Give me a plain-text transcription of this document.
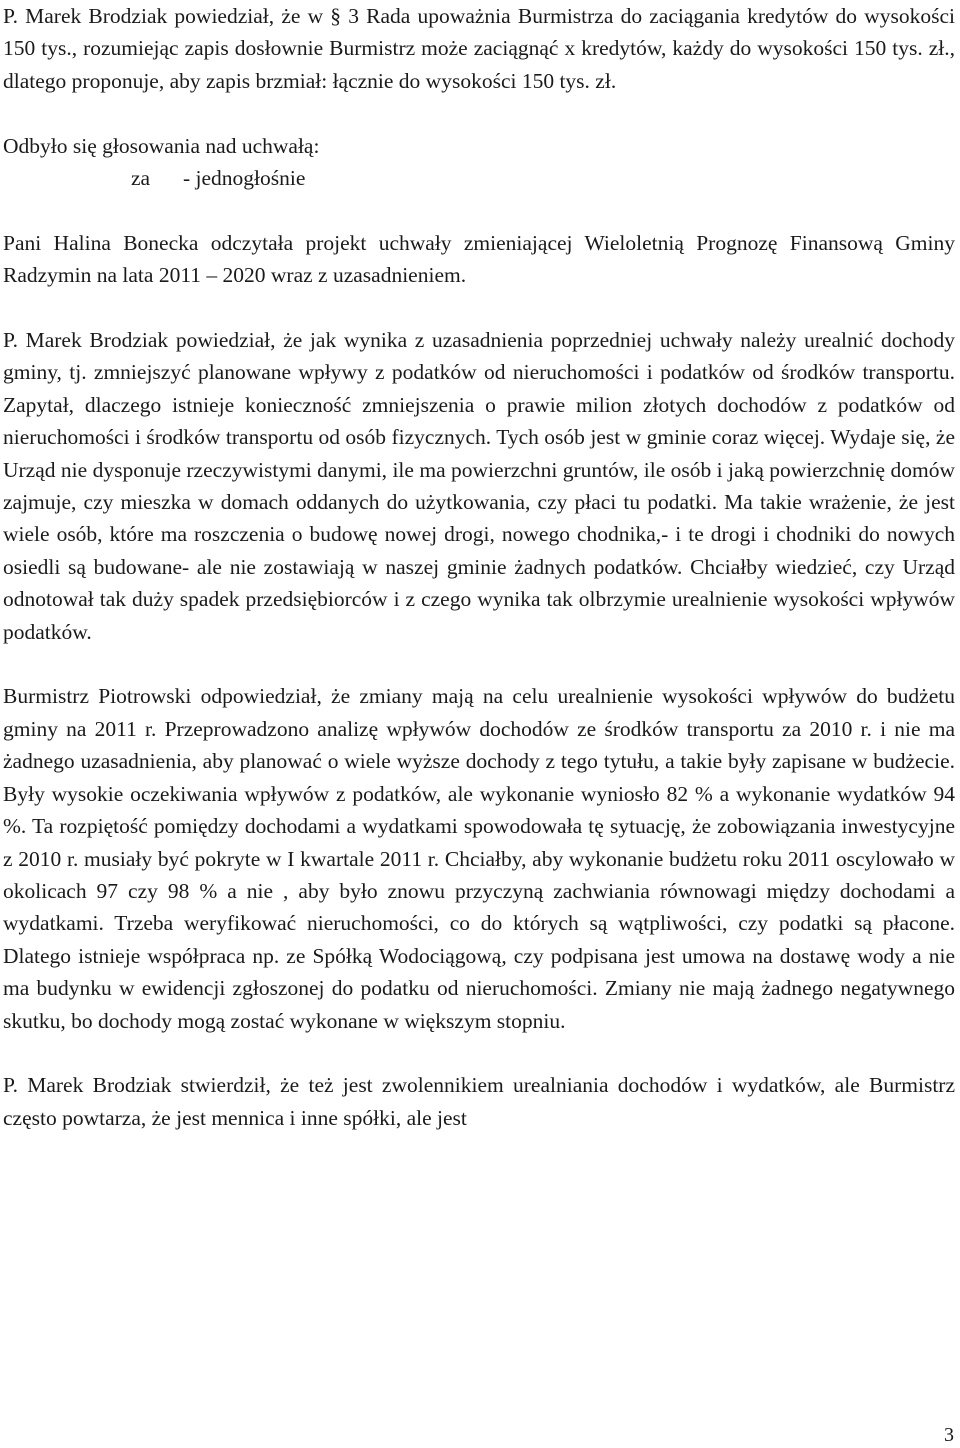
P. Marek Brodziak powiedział, że w § 3 Rada upoważnia Burmistrza do zaciągania kredytów do wysokości 150 tys., rozumiejąc zapis dosłownie Burmistrz może zaciągnąć x kredytów, każdy do wysokości 150 tys. zł., dlatego proponuje, aby zapis brzmiał: łącznie do wysokości 150 tys. zł.

Odbyło się głosowania nad uchwałą:

za - jednogłośnie

Pani Halina Bonecka odczytała projekt uchwały zmieniającej Wieloletnią Prognozę Finansową Gminy Radzymin na lata 2011 – 2020 wraz z uzasadnieniem.

P. Marek Brodziak powiedział, że jak wynika z uzasadnienia poprzedniej uchwały należy urealnić dochody gminy, tj. zmniejszyć planowane wpływy z podatków od nieruchomości i podatków od środków transportu. Zapytał, dlaczego istnieje konieczność zmniejszenia o prawie milion złotych dochodów z podatków od nieruchomości i środków transportu od osób fizycznych. Tych osób jest w gminie coraz więcej. Wydaje się, że Urząd nie dysponuje rzeczywistymi danymi, ile ma powierzchni gruntów, ile osób i jaką powierzchnię domów zajmuje, czy mieszka w domach oddanych do użytkowania, czy płaci tu podatki. Ma takie wrażenie, że jest wiele osób, które ma roszczenia o budowę nowej drogi, nowego chodnika,- i te drogi i chodniki do nowych osiedli są budowane- ale nie zostawiają w naszej gminie żadnych podatków. Chciałby wiedzieć, czy Urząd odnotował tak duży spadek przedsiębiorców i z czego wynika tak olbrzymie urealnienie wysokości wpływów podatków.

Burmistrz Piotrowski odpowiedział, że zmiany mają na celu urealnienie wysokości wpływów do budżetu gminy na 2011 r. Przeprowadzono analizę wpływów dochodów ze środków transportu za 2010 r. i nie ma żadnego uzasadnienia, aby planować o wiele wyższe dochody z tego tytułu, a takie były zapisane w budżecie. Były wysokie oczekiwania wpływów z podatków, ale wykonanie wyniosło 82 % a wykonanie wydatków 94 %. Ta rozpiętość pomiędzy dochodami a wydatkami spowodowała tę sytuację, że zobowiązania inwestycyjne z 2010 r. musiały być pokryte w I kwartale 2011 r. Chciałby, aby wykonanie budżetu roku 2011 oscylowało w okolicach 97 czy 98 % a nie , aby było znowu przyczyną zachwiania równowagi między dochodami a wydatkami. Trzeba weryfikować nieruchomości, co do których są wątpliwości, czy podatki są płacone. Dlatego istnieje współpraca np. ze Spółką Wodociągową, czy podpisana jest umowa na dostawę wody a nie ma budynku w ewidencji zgłoszonej do podatku od nieruchomości. Zmiany nie mają żadnego negatywnego skutku, bo dochody mogą zostać wykonane w większym stopniu.

P. Marek Brodziak stwierdził, że też jest zwolennikiem urealniania dochodów i wydatków, ale Burmistrz często powtarza, że jest mennica i inne spółki, ale jest

3
